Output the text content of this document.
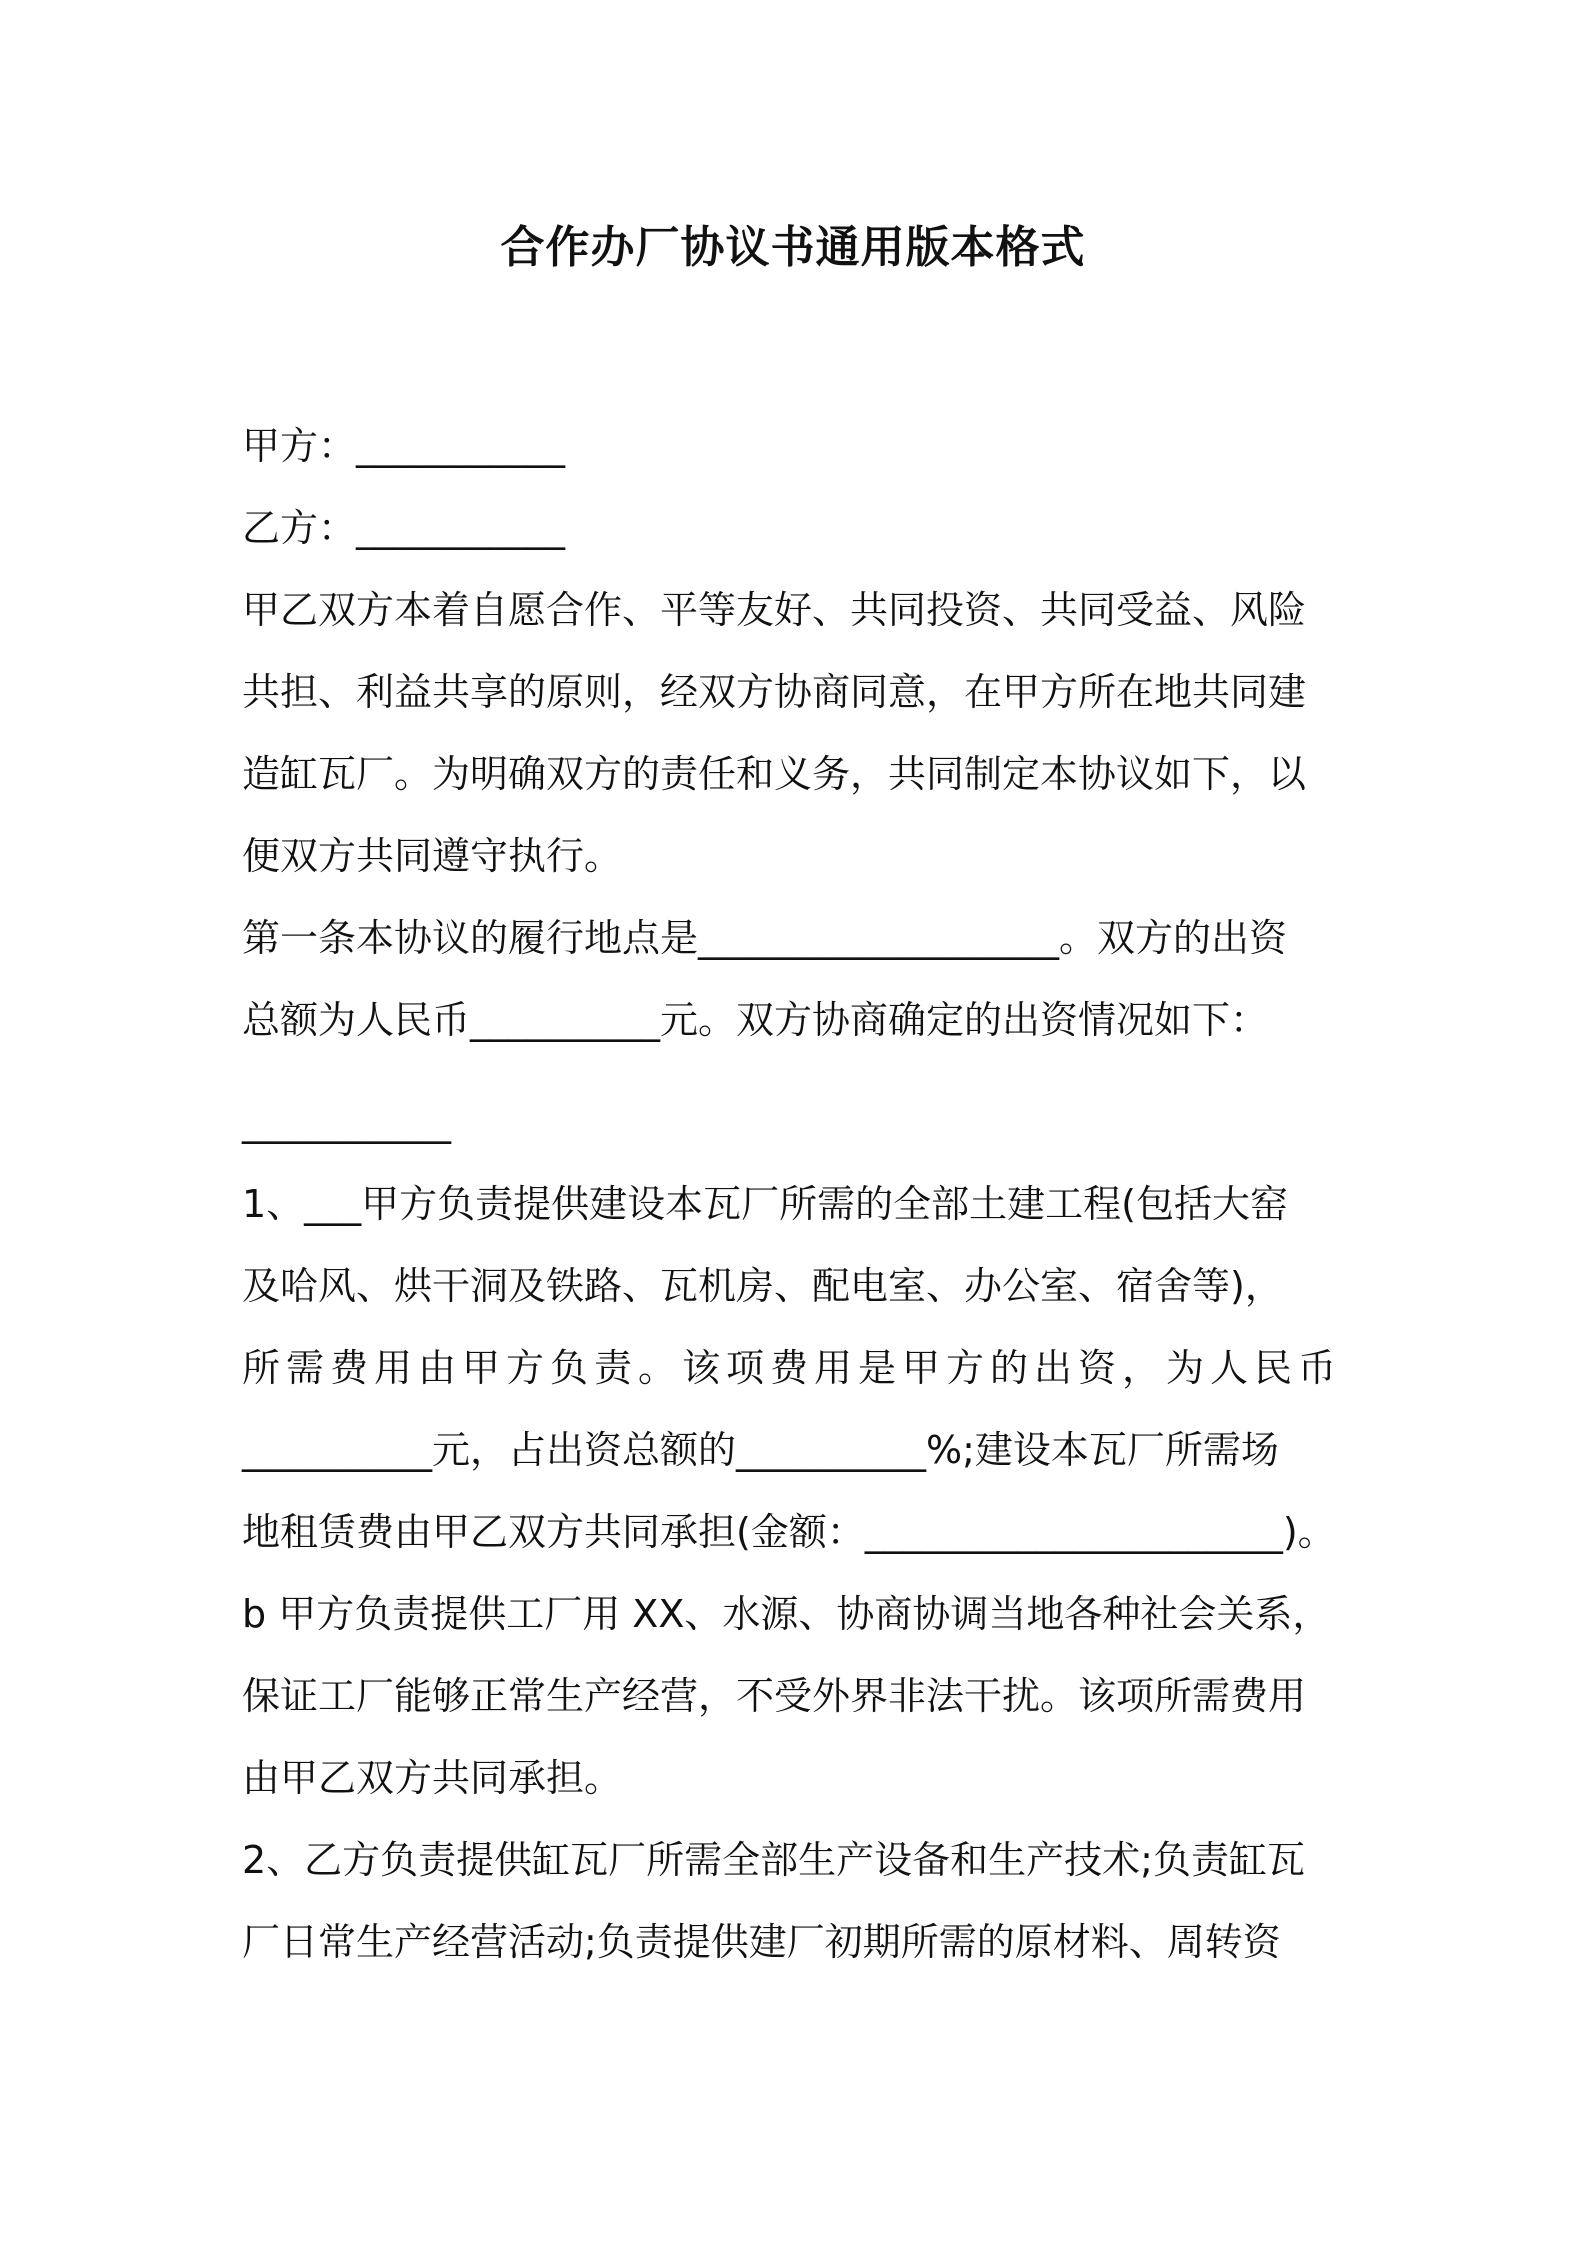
合作办厂协议书通用版本格式
甲方：___________
乙方：___________
甲乙双方本着自愿合作、平等友好、共同投资、共同受益、风险
共担、利益共享的原则，经双方协商同意，在甲方所在地共同建
造缸瓦厂。为明确双方的责任和义务，共同制定本协议如下，以
便双方共同遵守执行。
第一条本协议的履行地点是___________________。双方的出资
总额为人民币__________元。双方协商确定的出资情况如下：
___________
1、___甲方负责提供建设本瓦厂所需的全部土建工程(包括大窑
及哈风、烘干洞及铁路、瓦机房、配电室、办公室、宿舍等)，
所需费用由甲方负责。该项费用是甲方的出资，为人民币
__________元，占出资总额的__________%;建设本瓦厂所需场
地租赁费由甲乙双方共同承担(金额：______________________)。
b 甲方负责提供工厂用 XX、水源、协商协调当地各种社会关系，
保证工厂能够正常生产经营，不受外界非法干扰。该项所需费用
由甲乙双方共同承担。
2、乙方负责提供缸瓦厂所需全部生产设备和生产技术;负责缸瓦
厂日常生产经营活动;负责提供建厂初期所需的原材料、周转资
